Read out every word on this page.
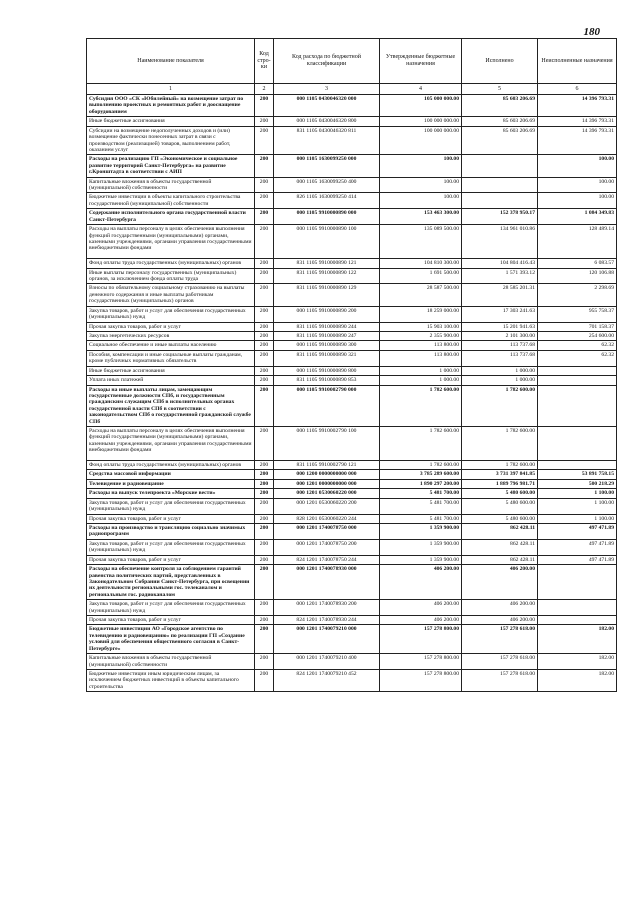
180
Наименование показателя	Код стро-ки	Код расхода по бюджетной классификации	Утвержденные бюджетные назначения	Исполнено	Неисполненные назначения
1	2	3	4	5	6
Субсидия ООО «СК «Юбилейный» на возмещение затрат по выполнению проектных и ремонтных работ и дооснащение оборудованием	200	000 1105 0430046320 000	105 000 000.00	85 603 206.69	14 396 793.31
Иные бюджетные ассигнования	200	000 1105 0430046320 800	100 000 000.00	85 603 206.69	14 396 793.31
Субсидии на возмещение недополученных доходов и (или) возмещение фактически понесенных затрат в связи с производством (реализацией) товаров, выполнением работ, оказанием услуг	200	831 1105 0430046320 811	100 000 000.00	85 603 206.69	14 396 793.31
Расходы на реализацию ГП «Экономическое и социальное развитие территорий Санкт-Петербурга» на развитие г.Кронштадта в соответствии с АИП	200	000 1105 1630099250 000	100.00		100.00
Капитальные вложения в объекты государственной (муниципальной) собственности	200	000 1105 1630099250 400	100.00		100.00
Бюджетные инвестиции в объекты капитального строительства государственной (муниципальной) собственности	200	826 1105 1630099250 414	100.00		100.00
Содержание исполнительного органа государственной власти Санкт-Петербурга	200	000 1105 9910000890 000	153 463 300.00	152 378 950.17	1 084 349.83
Расходы на выплаты персоналу в целях обеспечения выполнения функций государственными (муниципальными) органами, казенными учреждениями, органами управления государственными внебюджетными фондами	200	000 1105 9910000890 100	135 089 500.00	134 961 010.86	128 489.14
Фонд оплаты труда государственных (муниципальных) органов	200	831 1105 9910000890 121	104 810 300.00	104 804 416.43	6 083.57
Иные выплаты персоналу государственных (муниципальных) органов, за исключением фонда оплаты труда	200	831 1105 9910000890 122	1 691 500.00	1 571 393.12	120 106.88
Взносы по обязательному социальному страхованию на выплаты денежного содержания и иные выплаты работникам государственных (муниципальных) органов	200	831 1105 9910000890 129	28 587 500.00	28 585 201.31	2 298.69
Закупка товаров, работ и услуг для обеспечения государственных (муниципальных) нужд	200	000 1105 9910000890 200	18 259 000.00	17 303 241.63	955 758.37
Прочая закупка товаров, работ и услуг	200	831 1105 9910000890 244	15 903 100.00	15 201 941.63	701 158.37
Закупка энергетических ресурсов	200	831 1105 9910000890 247	2 355 900.00	2 101 300.00	254 600.00
Социальное обеспечение и иные выплаты населению	200	000 1105 9910000890 300	113 800.00	113 737.68	62.32
Пособия, компенсации и иные социальные выплаты гражданам, кроме публичных нормативных обязательств	200	831 1105 9910000890 321	113 800.00	113 737.68	62.32
Иные бюджетные ассигнования	200	000 1105 9910000890 800	1 000.00	1 000.00	
Уплата иных платежей	200	831 1105 9910000890 853	1 000.00	1 000.00	
Расходы на иные выплаты лицам, замещающим государственные должности СПб, и государственным гражданским служащим СПб в исполнительных органах государственной власти СПб в соответствии с законодательством СПб о государственной гражданской службе СПб	200	000 1105 9910002790 000	1 782 600.00	1 782 600.00	
Расходы на выплаты персоналу в целях обеспечения выполнения функций государственными (муниципальными) органами, казенными учреждениями, органами управления государственными внебюджетными фондами	200	000 1105 9910002790 100	1 782 600.00	1 782 600.00	
Фонд оплаты труда государственных (муниципальных) органов	200	831 1105 9910002790 121	1 782 600.00	1 782 600.00	
Средства массовой информации	200	000 1200 0000000000 000	3 785 289 600.00	3 731 397 841.85	53 891 758.15
Телевидение и радиовещание	200	000 1201 0000000000 000	1 890 297 200.00	1 889 796 981.71	500 218.29
Расходы на выпуск телепроекта «Морские вести»	200	000 1201 0530060220 000	5 481 700.00	5 480 600.00	1 100.00
Закупка товаров, работ и услуг для обеспечения государственных (муниципальных) нужд	200	000 1201 0530060220 200	5 481 700.00	5 480 600.00	1 100.00
Прочая закупка товаров, работ и услуг	200	828 1201 0530060220 244	5 481 700.00	5 480 600.00	1 100.00
Расходы на производство и трансляцию социально значимых радиопрограмм	200	000 1201 1740078750 000	1 359 900.00	862 428.11	497 471.89
Закупка товаров, работ и услуг для обеспечения государственных (муниципальных) нужд	200	000 1201 1740078750 200	1 359 900.00	862 428.11	497 471.89
Прочая закупка товаров, работ и услуг	200	824 1201 1740078750 244	1 359 900.00	862 428.11	497 471.89
Расходы на обеспечение контроля за соблюдением гарантий равенства политических партий, представленных в Законодательном Собрании Санкт-Петербурга, при освещении их деятельности региональными гос. телеканалом и региональным гос. радиоканалом	200	000 1201 1740078930 000	406 200.00	406 200.00	
Закупка товаров, работ и услуг для обеспечения государственных (муниципальных) нужд	200	000 1201 1740078930 200	406 200.00	406 200.00	
Прочая закупка товаров, работ и услуг	200	824 1201 1740078930 244	406 200.00	406 200.00	
Бюджетные инвестиции АО «Городское агентство по телевидению и радиовещанию» по реализации ГП «Создание условий для обеспечения общественного согласия в Санкт-Петербурге»	200	000 1201 1740079210 000	157 278 800.00	157 278 618.00	182.00
Капитальные вложения в объекты государственной (муниципальной) собственности	200	000 1201 1740079210 400	157 278 800.00	157 278 618.00	182.00
Бюджетные инвестиции иным юридическим лицам, за исключением бюджетных инвестиций в объекты капитального строительства	200	824 1201 1740079210 452	157 278 800.00	157 278 618.00	182.00
